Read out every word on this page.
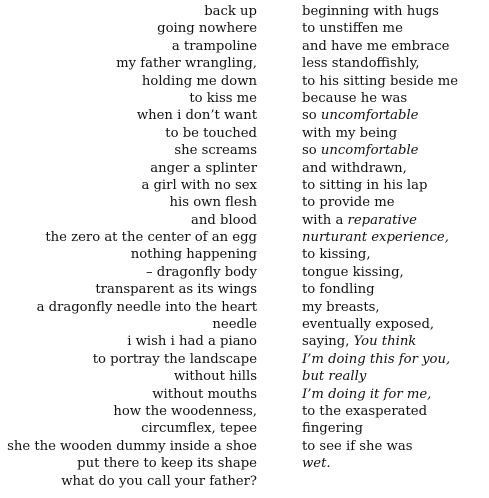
back up
going nowhere
a trampoline
my father wrangling,
holding me down
to kiss me
when i don’t want
to be touched
she screams
anger a splinter
a girl with no sex
his own flesh
and blood
the zero at the center of an egg
nothing happening
– dragonfly body
transparent as its wings
a dragonfly needle into the heart
needle
i wish i had a piano
to portray the landscape
without hills
without mouths
how the woodenness,
circumflex, tepee
she the wooden dummy inside a shoe
put there to keep its shape
what do you call your father?
beginning with hugs
to unstiffen me
and have me embrace
less standoffishly,
to his sitting beside me
because he was
so uncomfortable
with my being
so uncomfortable
and withdrawn,
to sitting in his lap
to provide me
with a reparative
nurturant experience,
to kissing,
tongue kissing,
to fondling
my breasts,
eventually exposed,
saying, You think
I’m doing this for you,
but really
I’m doing it for me,
to the exasperated
fingering
to see if she was
wet.
